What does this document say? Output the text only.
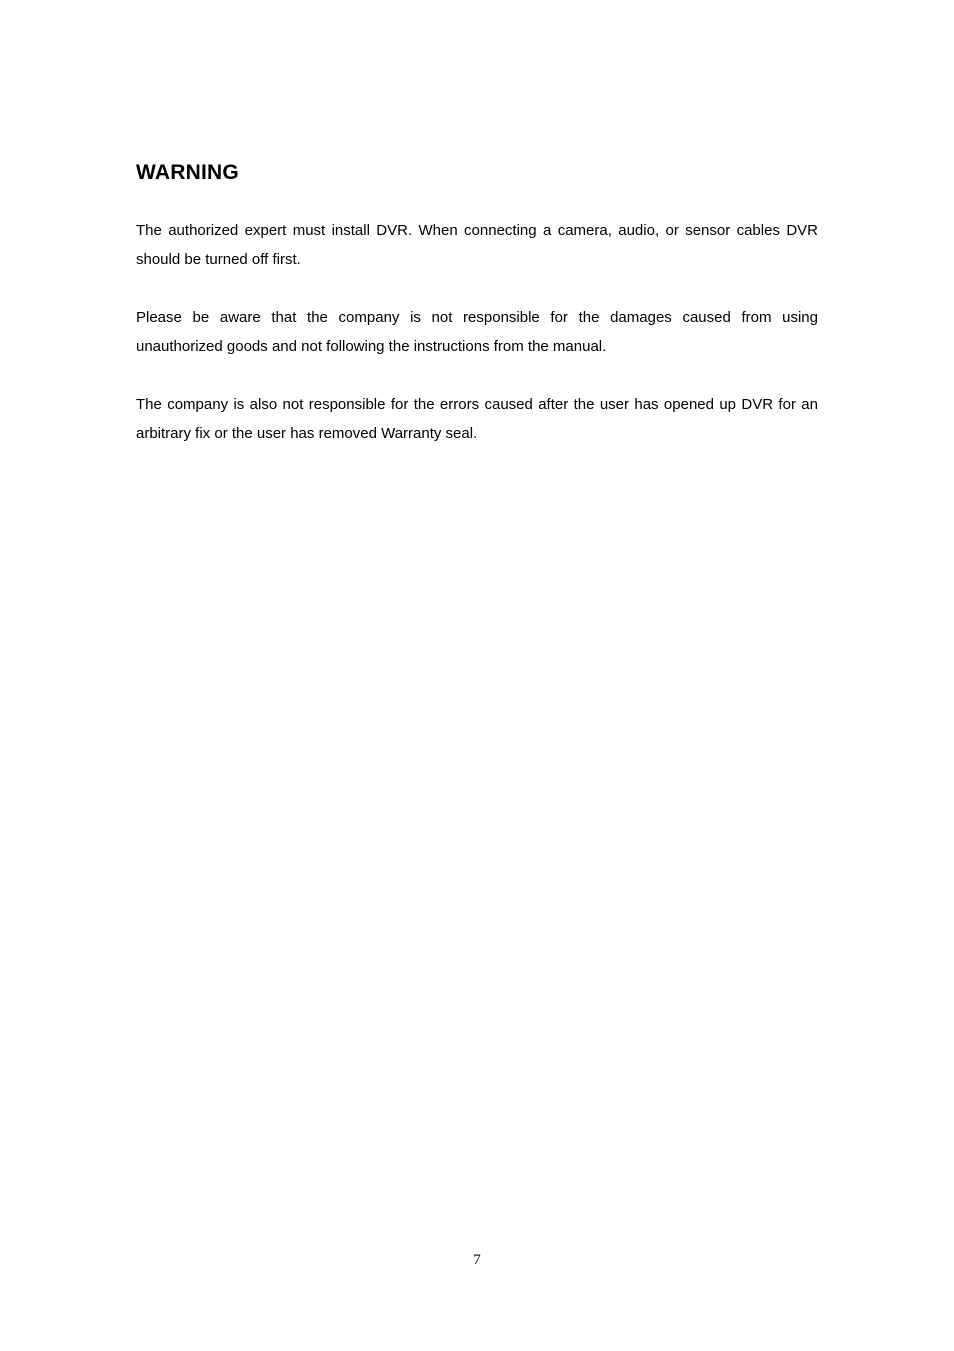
WARNING

The authorized expert must install DVR. When connecting a camera, audio, or sensor cables DVR should be turned off first.

Please be aware that the company is not responsible for the damages caused from using unauthorized goods and not following the instructions from the manual.

The company is also not responsible for the errors caused after the user has opened up DVR for an arbitrary fix or the user has removed Warranty seal.

7
